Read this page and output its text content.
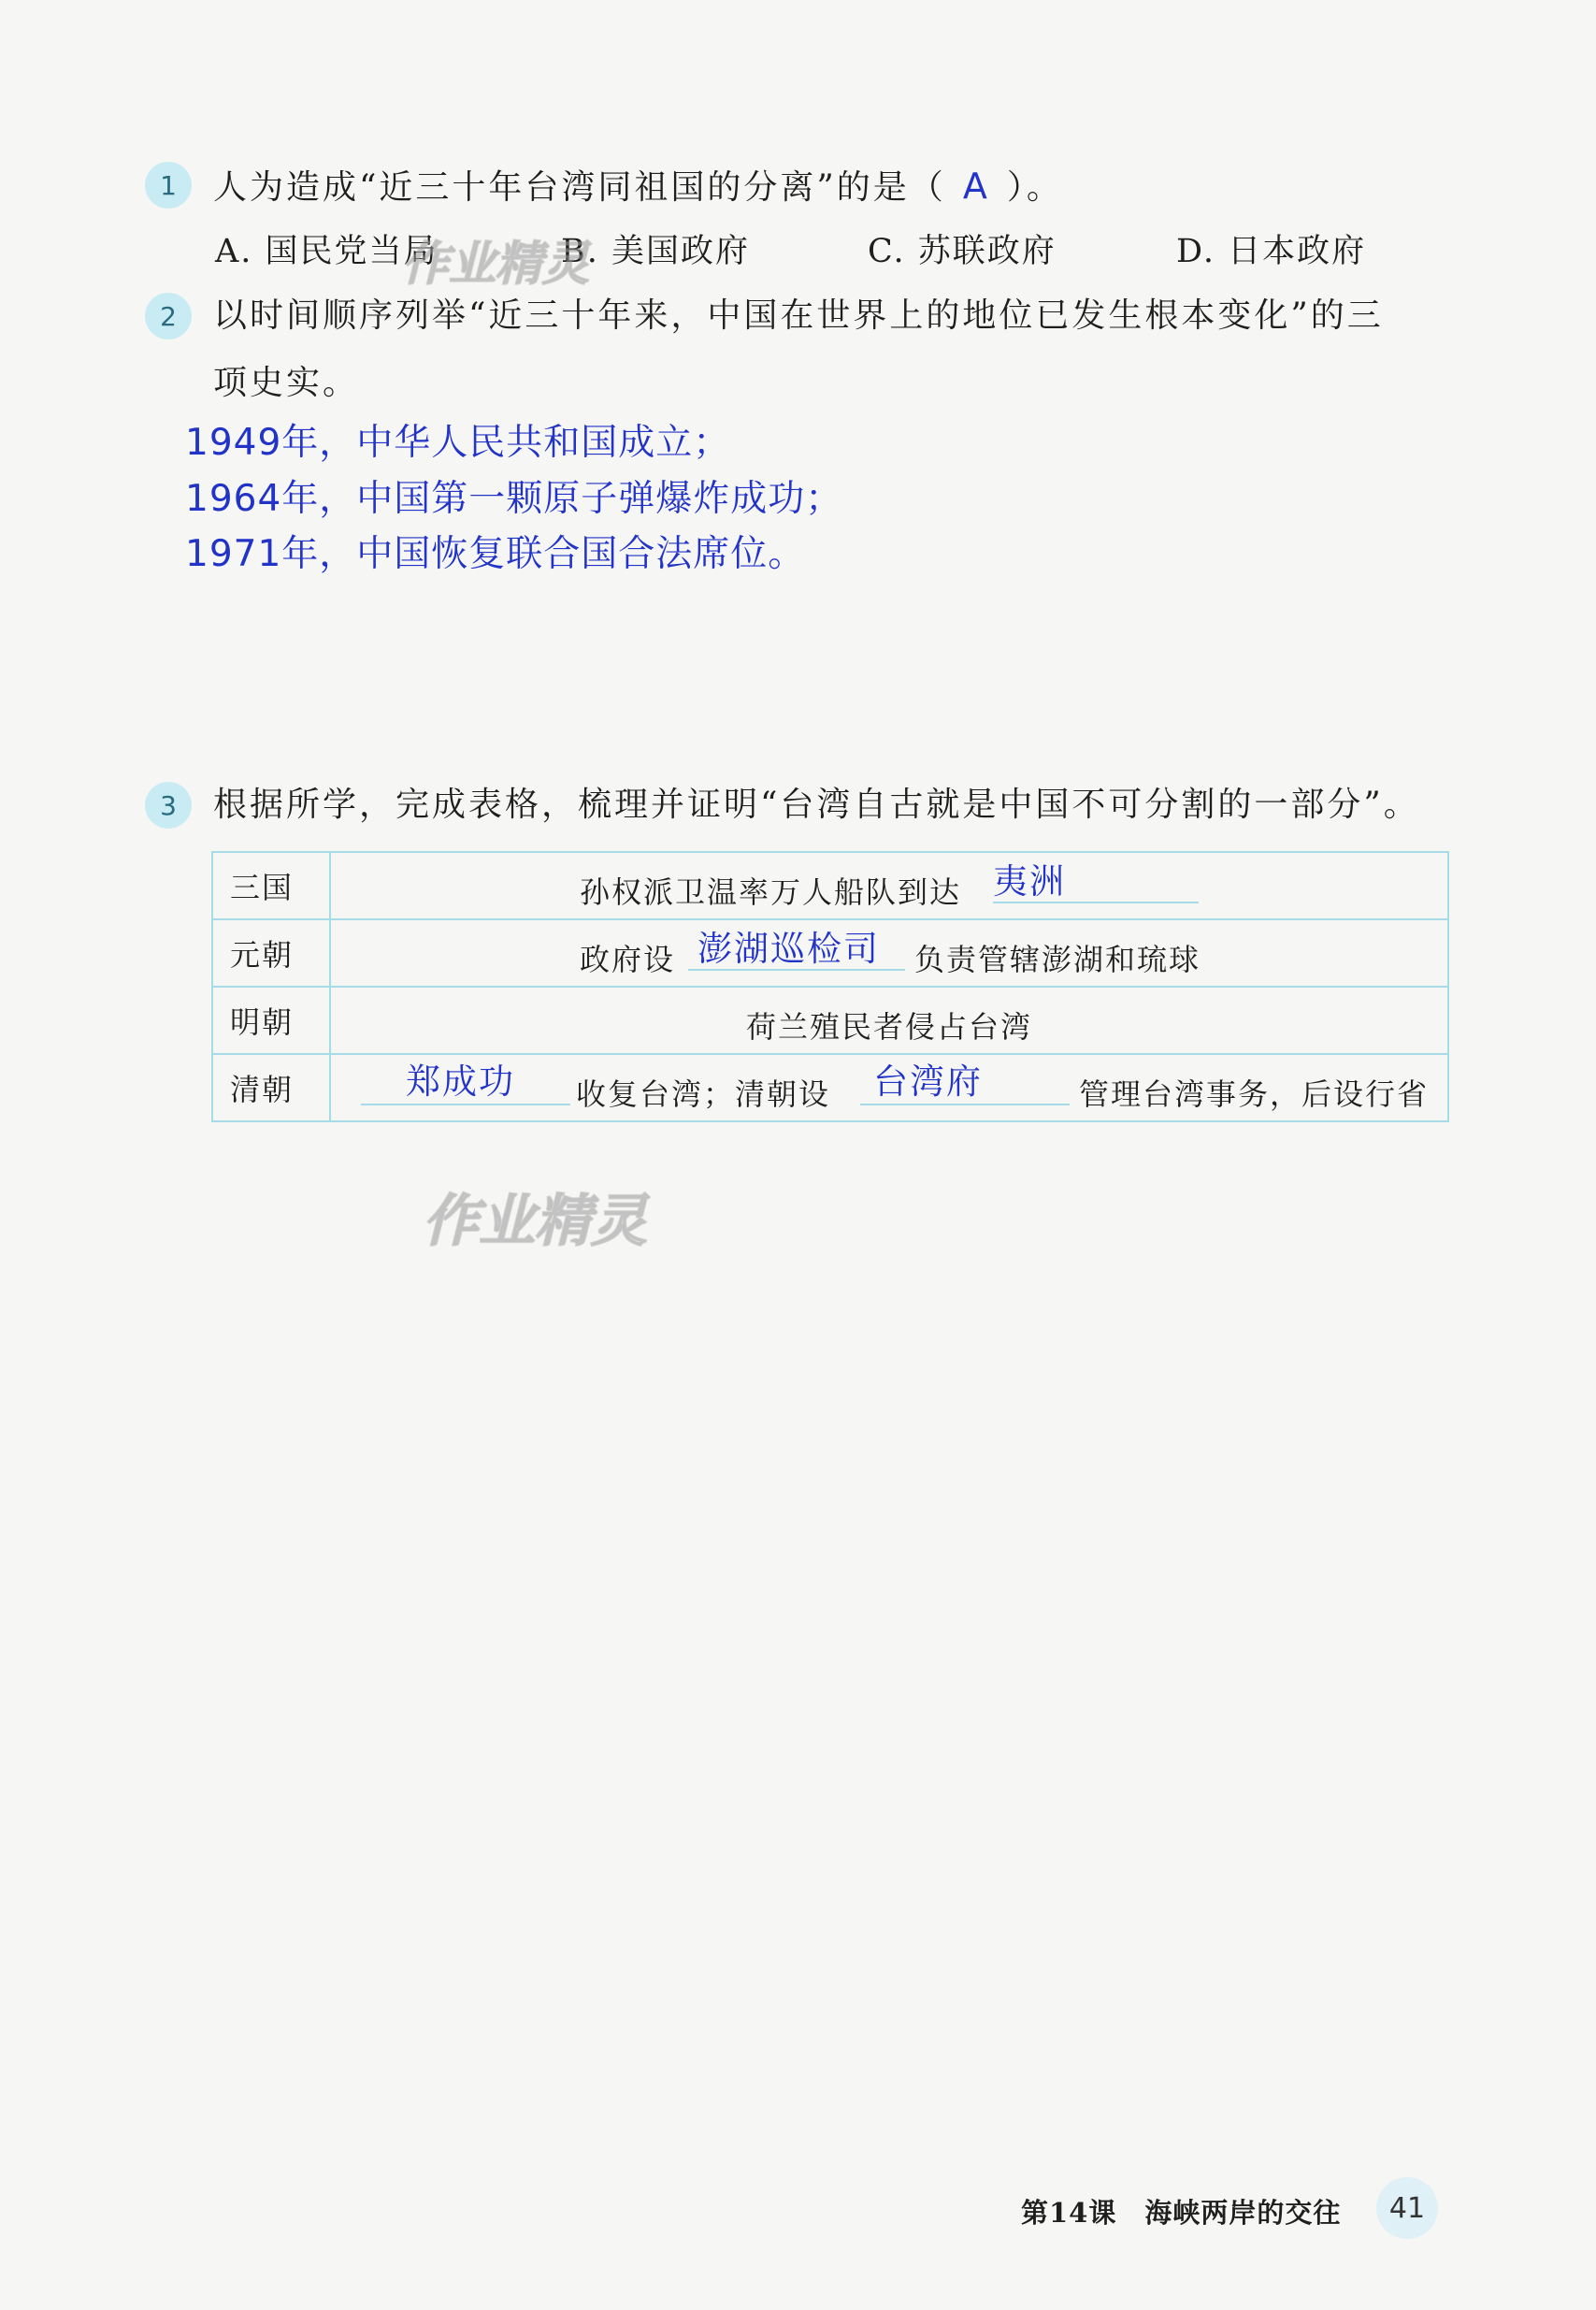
1	人为造成“近三十年台湾同祖国的分离”的是（ A ）。
A. 国民党当局	B. 美国政府	C. 苏联政府	D. 日本政府
2	以时间顺序列举“近三十年来，中国在世界上的地位已发生根本变化”的三
项史实。
1949年，中华人民共和国成立；
1964年，中国第一颗原子弹爆炸成功；
1971年，中国恢复联合国合法席位。
3	根据所学，完成表格，梳理并证明“台湾自古就是中国不可分割的一部分”。
三国	孙权派卫温率万人船队到达 夷洲

元朝	政府设 澎湖巡检司 负责管辖澎湖和琉球

明朝	荷兰殖民者侵占台湾

清朝	郑成功 收复台湾；清朝设 台湾府 管理台湾事务，后设行省
作业精灵
作业精灵
第14课　海峡两岸的交往	41
